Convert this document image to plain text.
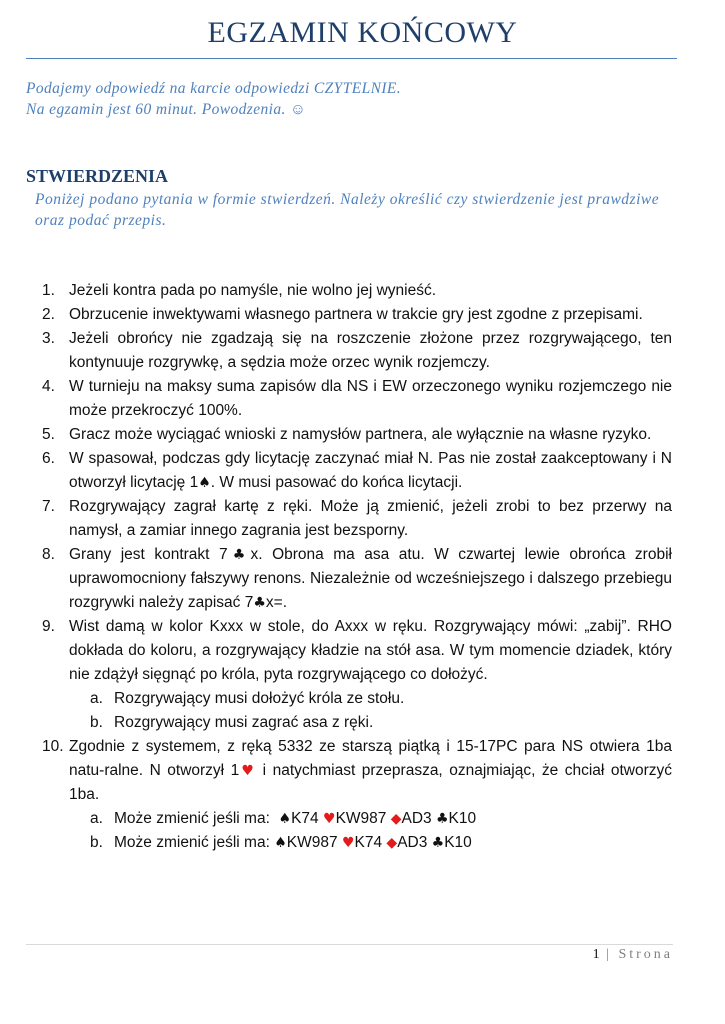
EGZAMIN KOŃCOWY
Podajemy odpowiedź na karcie odpowiedzi CZYTELNIE.
Na egzamin jest 60 minut. Powodzenia. ☺
STWIERDZENIA
Poniżej podano pytania w formie stwierdzeń. Należy określić czy stwierdzenie jest prawdziwe oraz podać przepis.
1. Jeżeli kontra pada po namyśle, nie wolno jej wynieść.
2. Obrzucenie inwektywami własnego partnera w trakcie gry jest zgodne z przepisami.
3. Jeżeli obrońcy nie zgadzają się na roszczenie złożone przez rozgrywającego, ten kontynuuje rozgrywkę, a sędzia może orzec wynik rozjemczy.
4. W turnieju na maksy suma zapisów dla NS i EW orzeczonego wyniku rozjemczego nie może przekroczyć 100%.
5. Gracz może wyciągać wnioski z namysłów partnera, ale wyłącznie na własne ryzyko.
6. W spasował, podczas gdy licytację zaczynać miał N. Pas nie został zaakceptowany i N otworzył licytację 1♠. W musi pasować do końca licytacji.
7. Rozgrywający zagrał kartę z ręki. Może ją zmienić, jeżeli zrobi to bez przerwy na namysł, a zamiar innego zagrania jest bezsporny.
8. Grany jest kontrakt 7♣x. Obrona ma asa atu. W czwartej lewie obrońca zrobił uprawomocniony fałszywy renons. Niezależnie od wcześniejszego i dalszego przebiegu rozgrywki należy zapisać 7♣x=.
9. Wist damą w kolor Kxxx w stole, do Axxx w ręku. Rozgrywający mówi: „zabij”. RHO dokłada do koloru, a rozgrywający kładzie na stół asa. W tym momencie dziadek, który nie zdążył sięgnąć po króla, pyta rozgrywającego co dołożyć.
a. Rozgrywający musi dołożyć króla ze stołu.
b. Rozgrywający musi zagrać asa z ręki.
10. Zgodnie z systemem, z ręką 5332 ze starszą piątką i 15-17PC para NS otwiera 1ba natu-ralne. N otworzył 1♥ i natychmiast przeprasza, oznajmiając, że chciał otworzyć 1ba.
a. Może zmienić jeśli ma: ♠K74 ♥KW987 ◆AD3 ♣K10
b. Może zmienić jeśli ma: ♠KW987 ♥K74 ◆AD3 ♣K10
1 | Strona
